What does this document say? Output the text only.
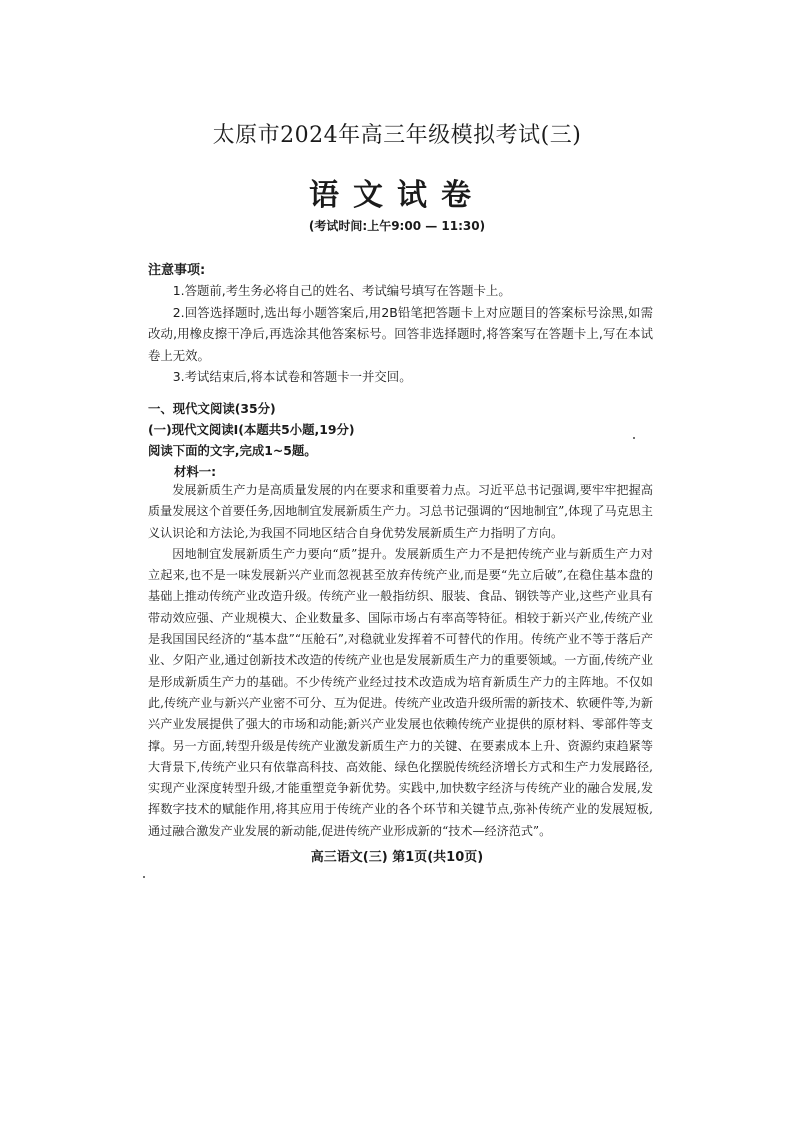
太原市2024年高三年级模拟考试(三)
语文试卷
(考试时间:上午9:00 — 11:30)
注意事项:

1.答题前,考生务必将自己的姓名、考试编号填写在答题卡上。

2.回答选择题时,选出每小题答案后,用2B铅笔把答题卡上对应题目的答案标号涂黑,如需改动,用橡皮擦干净后,再选涂其他答案标号。回答非选择题时,将答案写在答题卡上,写在本试卷上无效。

3.考试结束后,将本试卷和答题卡一并交回。

一、现代文阅读(35分)
(一)现代文阅读Ⅰ(本题共5小题,19分)
阅读下面的文字,完成1~5题。
材料一:

发展新质生产力是高质量发展的内在要求和重要着力点。习近平总书记强调,要牢牢把握高质量发展这个首要任务,因地制宜发展新质生产力。习总书记强调的“因地制宜”,体现了马克思主义认识论和方法论,为我国不同地区结合自身优势发展新质生产力指明了方向。

因地制宜发展新质生产力要向“质”提升。发展新质生产力不是把传统产业与新质生产力对立起来,也不是一味发展新兴产业而忽视甚至放弃传统产业,而是要“先立后破”,在稳住基本盘的基础上推动传统产业改造升级。传统产业一般指纺织、服装、食品、钢铁等产业,这些产业具有带动效应强、产业规模大、企业数量多、国际市场占有率高等特征。相较于新兴产业,传统产业是我国国民经济的“基本盘”“压舱石”,对稳就业发挥着不可替代的作用。传统产业不等于落后产业、夕阳产业,通过创新技术改造的传统产业也是发展新质生产力的重要领域。一方面,传统产业是形成新质生产力的基础。不少传统产业经过技术改造成为培育新质生产力的主阵地。不仅如此,传统产业与新兴产业密不可分、互为促进。传统产业改造升级所需的新技术、软硬件等,为新兴产业发展提供了强大的市场和动能;新兴产业发展也依赖传统产业提供的原材料、零部件等支撑。另一方面,转型升级是传统产业激发新质生产力的关键、在要素成本上升、资源约束趋紧等大背景下,传统产业只有依靠高科技、高效能、绿色化摆脱传统经济增长方式和生产力发展路径,实现产业深度转型升级,才能重塑竞争新优势。实践中,加快数字经济与传统产业的融合发展,发挥数字技术的赋能作用,将其应用于传统产业的各个环节和关键节点,弥补传统产业的发展短板,通过融合激发产业发展的新动能,促进传统产业形成新的“技术—经济范式”。

高三语文(三) 第1页(共10页)
